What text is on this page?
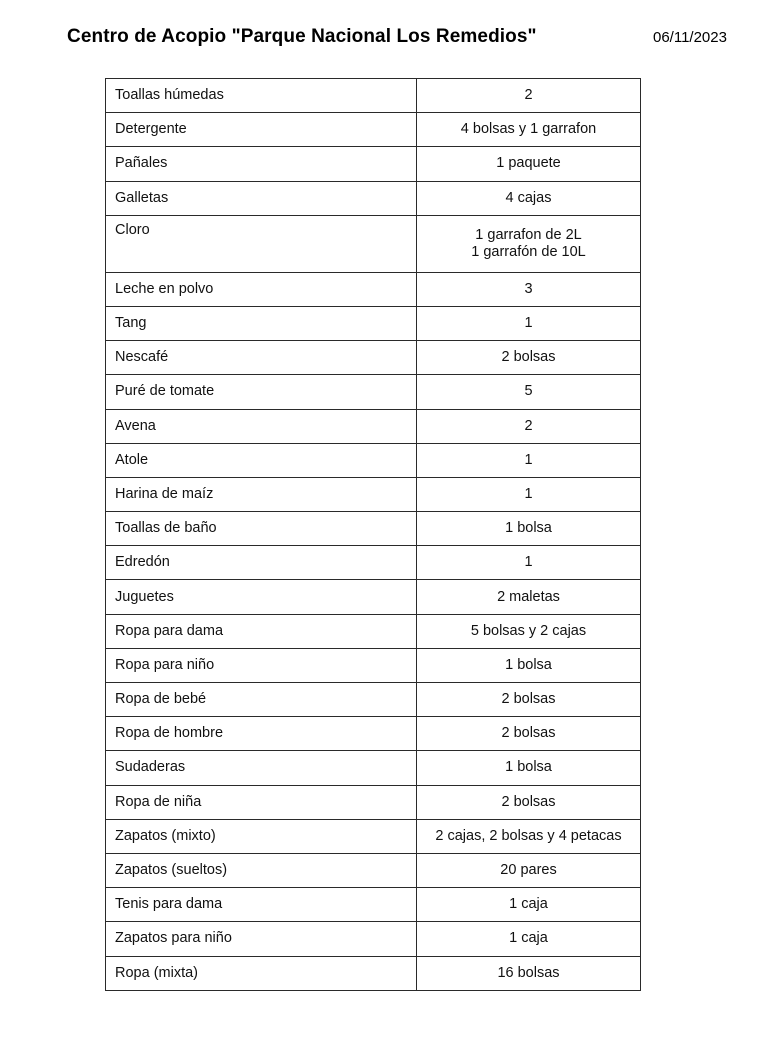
Centro de Acopio "Parque Nacional Los Remedios"	06/11/2023
Toallas húmedas	2
Detergente	4 bolsas y 1 garrafon
Pañales	1 paquete
Galletas	4 cajas
Cloro	1 garrafon de 2L
1 garrafón de 10L

Leche en polvo	3
Tang	1
Nescafé	2 bolsas
Puré de tomate	5
Avena	2
Atole	1
Harina de maíz	1
Toallas de baño	1 bolsa
Edredón	1
Juguetes	2 maletas
Ropa para dama	5 bolsas y 2 cajas
Ropa para niño	1 bolsa
Ropa de bebé	2 bolsas
Ropa de hombre	2 bolsas
Sudaderas	1 bolsa
Ropa de niña	2 bolsas
Zapatos (mixto)	2 cajas, 2 bolsas y 4 petacas
Zapatos (sueltos)	20 pares
Tenis para dama	1 caja
Zapatos para niño	1 caja
Ropa (mixta)	16 bolsas
